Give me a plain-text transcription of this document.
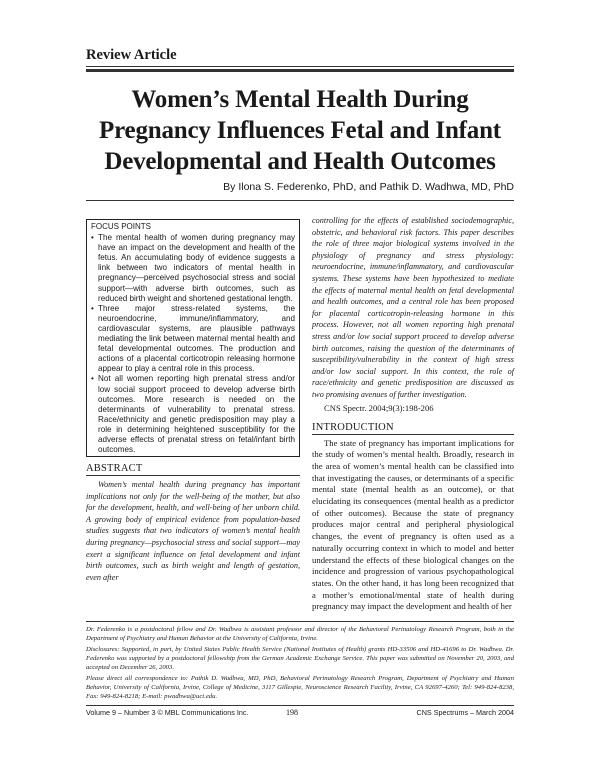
Review Article
Women’s Mental Health During
Pregnancy Influences Fetal and Infant
Developmental and Health Outcomes
By Ilona S. Federenko, PhD, and Pathik D. Wadhwa, MD, PhD
FOCUS POINTS
• The mental health of women during pregnancy may have an impact on the development and health of the fetus. An accumulating body of evidence suggests a link between two indicators of mental health in pregnancy—perceived psychosocial stress and social support—with adverse birth outcomes, such as reduced birth weight and shortened gestational length.
• Three major stress-related systems, the neuroendocrine, immune/inflammatory, and cardiovascular systems, are plausible pathways mediating the link between maternal mental health and fetal developmental outcomes. The production and actions of a placental corticotropin releasing hormone appear to play a central role in this process.
• Not all women reporting high prenatal stress and/or low social support proceed to develop adverse birth outcomes. More research is needed on the determinants of vulnerability to prenatal stress. Race/ethnicity and genetic predisposition may play a role in determining heightened susceptibility for the adverse effects of prenatal stress on fetal/infant birth outcomes.
ABSTRACT

Women’s mental health during pregnancy has important implications not only for the well-being of the mother, but also for the development, health, and well-being of her unborn child. A growing body of empirical evidence from population-based studies suggests that two indicators of women’s mental health during pregnancy—psychosocial stress and social support—may exert a significant influence on fetal development and infant birth outcomes, such as birth weight and length of gestation, even after

controlling for the effects of established sociodemographic, obstetric, and behavioral risk factors. This paper describes the role of three major biological systems involved in the physiology of pregnancy and stress physiology: neuroendocrine, immune/inflammatory, and cardiovascular systems. These systems have been hypothesized to mediate the effects of maternal mental health on fetal developmental and health outcomes, and a central role has been proposed for placental corticotropin-releasing hormone in this process. However, not all women reporting high prenatal stress and/or low social support proceed to develop adverse birth outcomes, raising the question of the determinants of susceptibility/vulnerability in the context of high stress and/or low social support. In this context, the role of race/ethnicity and genetic predisposition are discussed as two promising avenues of further investigation.

CNS Spectr. 2004;9(3):198-206

INTRODUCTION

The state of pregnancy has important implications for the study of women’s mental health. Broadly, research in the area of women’s mental health can be classified into that investigating the causes, or determinants of a specific mental state (mental health as an outcome), or that elucidating its consequences (mental health as a predictor of other outcomes). Because the state of pregnancy produces major central and peripheral physiological changes, the event of pregnancy is often used as a naturally occurring context in which to model and better understand the effects of these biological changes on the incidence and progression of various psychopathological states. On the other hand, it has long been recognized that a mother’s emotional/mental state of health during pregnancy may impact the development and health of her

Dr. Federenko is a postdoctoral fellow and Dr. Wadhwa is assistant professor and director of the Behavioral Perinatology Research Program, both in the Department of Psychiatry and Human Behavior at the University of California, Irvine.

Disclosures: Supported, in part, by United States Public Health Service (National Institutes of Health) grants HD-33506 and HD-41696 to Dr. Wadhwa. Dr. Federenko was supported by a postdoctoral fellowship from the German Academic Exchange Service. This paper was submitted on November 20, 2003, and accepted on December 26, 2003.

Please direct all correspondence to: Pathik D. Wadhwa, MD, PhD, Behavioral Perinatology Research Program, Department of Psychiatry and Human Behavior, University of California, Irvine, College of Medicine, 3117 Gillespie, Neuroscience Research Facility, Irvine, CA 92697-4260; Tel: 949-824-8238, Fax: 949-824-8218; E-mail: pwadhwa@uci.edu.

Volume 9 – Number 3 © MBL Communications Inc.	198	CNS Spectrums – March 2004
